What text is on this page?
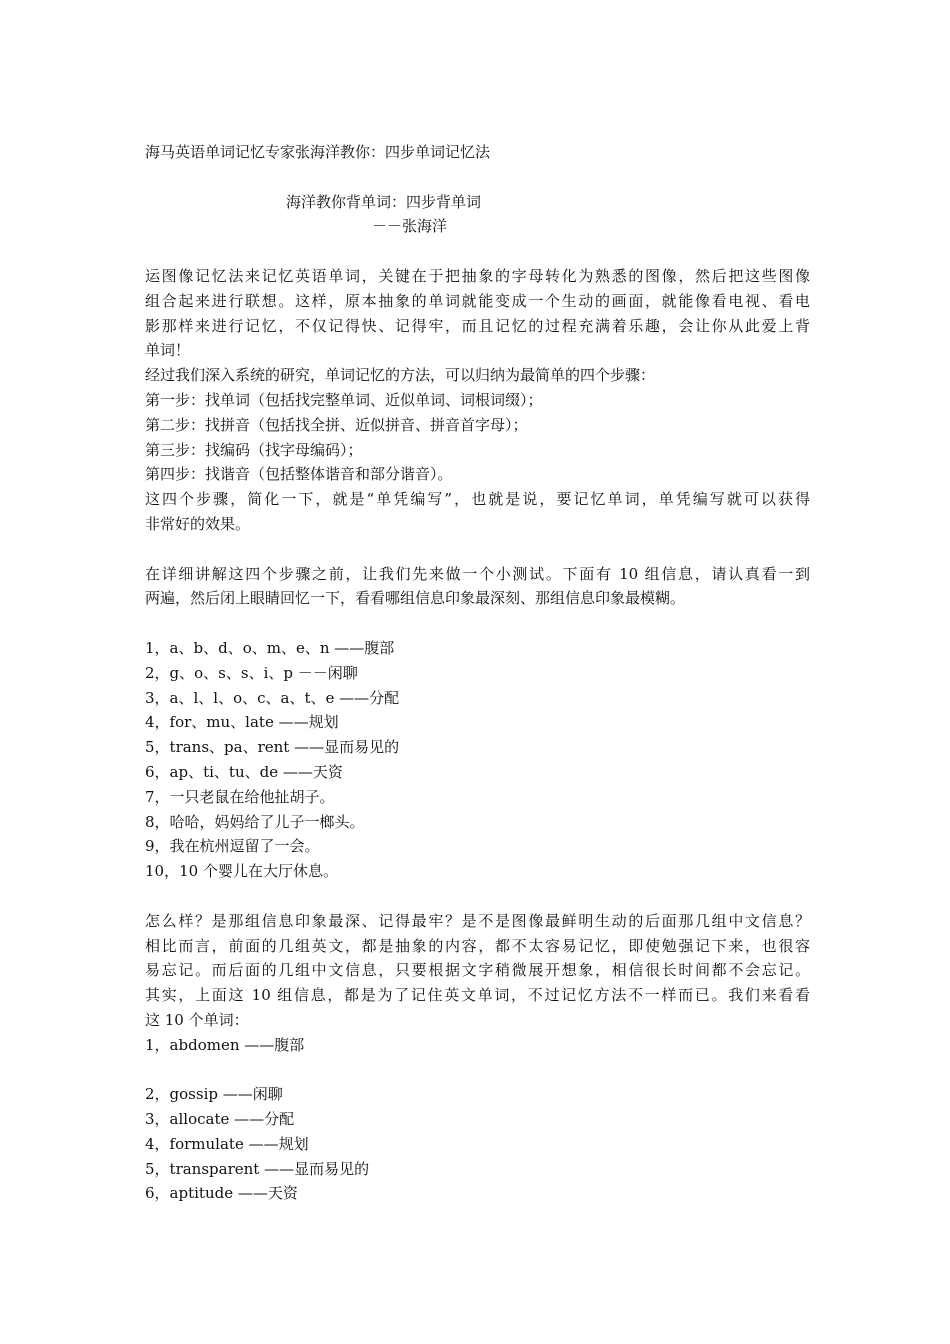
海马英语单词记忆专家张海洋教你：四步单词记忆法

海洋教你背单词：四步背单词

－－张海洋

运图像记忆法来记忆英语单词，关键在于把抽象的字母转化为熟悉的图像，然后把这些图像

组合起来进行联想。这样，原本抽象的单词就能变成一个生动的画面，就能像看电视、看电

影那样来进行记忆，不仅记得快、记得牢，而且记忆的过程充满着乐趣，会让你从此爱上背

单词！

经过我们深入系统的研究，单词记忆的方法，可以归纳为最简单的四个步骤：

第一步：找单词（包括找完整单词、近似单词、词根词缀）；

第二步：找拼音（包括找全拼、近似拼音、拼音首字母）；

第三步：找编码（找字母编码）；

第四步：找谐音（包括整体谐音和部分谐音）。

这四个步骤，简化一下，就是“单凭编写”，也就是说，要记忆单词，单凭编写就可以获得

非常好的效果。

在详细讲解这四个步骤之前，让我们先来做一个小测试。下面有 10 组信息，请认真看一到

两遍，然后闭上眼睛回忆一下，看看哪组信息印象最深刻、那组信息印象最模糊。

1，a、b、d、o、m、e、n ——腹部

2，g、o、s、s、i、p －－闲聊

3，a、l、l、o、c、a、t、e ——分配

4，for、mu、late ——规划

5，trans、pa、rent ——显而易见的

6，ap、ti、tu、de ——天资

7，一只老鼠在给他扯胡子。

8，哈哈，妈妈给了儿子一榔头。

9，我在杭州逗留了一会。

10，10 个婴儿在大厅休息。

怎么样？是那组信息印象最深、记得最牢？是不是图像最鲜明生动的后面那几组中文信息？

相比而言，前面的几组英文，都是抽象的内容，都不太容易记忆，即使勉强记下来，也很容

易忘记。而后面的几组中文信息，只要根据文字稍微展开想象，相信很长时间都不会忘记。

其实，上面这 10 组信息，都是为了记住英文单词，不过记忆方法不一样而已。我们来看看

这 10 个单词：

1，abdomen ——腹部

2，gossip ——闲聊

3，allocate ——分配

4，formulate ——规划

5，transparent ——显而易见的

6，aptitude ——天资
